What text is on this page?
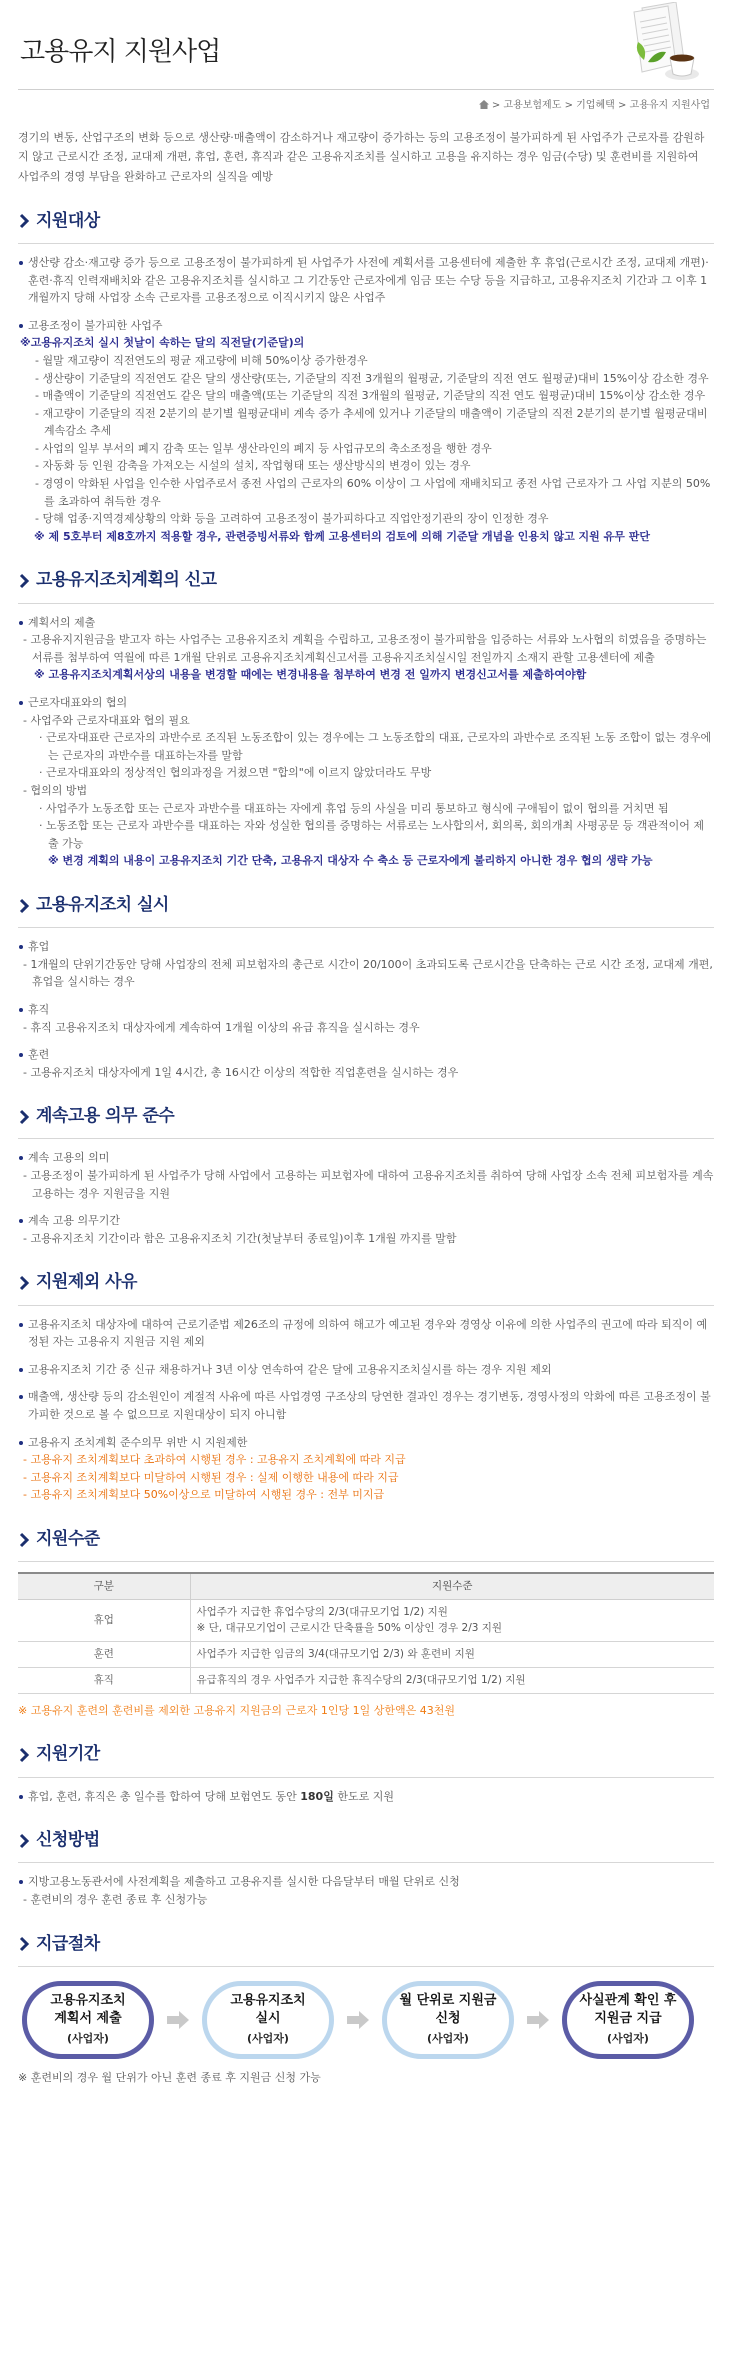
고용유지 지원사업
> 고용보험제도 > 기업혜택 > 고용유지 지원사업

경기의 변동, 산업구조의 변화 등으로 생산량·매출액이 감소하거나 재고량이 증가하는 등의 고용조정이 불가피하게 된 사업주가 근로자를 감원하지 않고 근로시간 조정, 교대제 개편, 휴업, 훈련, 휴직과 같은 고용유지조치를 실시하고 고용을 유지하는 경우 임금(수당) 및 훈련비를 지원하여 사업주의 경영 부담을 완화하고 근로자의 실직을 예방

지원대상

생산량 감소·재고량 증가 등으로 고용조정이 불가피하게 된 사업주가 사전에 계획서를 고용센터에 제출한 후 휴업(근로시간 조정, 교대제 개편)·훈련·휴직 인력재배치와 같은 고용유지조치를 실시하고 그 기간동안 근로자에게 임금 또는 수당 등을 지급하고, 고용유지조치 기간과 그 이후 1개월까지 당해 사업장 소속 근로자를 고용조정으로 이직시키지 않은 사업주

고용조정이 불가피한 사업주

※고용유지조치 실시 첫날이 속하는 달의 직전달(기준달)의

- 월말 재고량이 직전연도의 평균 재고량에 비해 50%이상 증가한경우

- 생산량이 기준달의 직전연도 같은 달의 생산량(또는, 기준달의 직전 3개월의 월평균, 기준달의 직전 연도 월평균)대비 15%이상 감소한 경우

- 매출액이 기준달의 직전연도 같은 달의 매출액(또는 기준달의 직전 3개월의 월평균, 기준달의 직전 연도 월평균)대비 15%이상 감소한 경우

- 재고량이 기준달의 직전 2분기의 분기별 월평균대비 계속 증가 추세에 있거나 기준달의 매출액이 기준달의 직전 2분기의 분기별 월평균대비 계속감소 추세

- 사업의 일부 부서의 폐지 감축 또는 일부 생산라인의 폐지 등 사업규모의 축소조정을 행한 경우

- 자동화 등 인원 감축을 가져오는 시설의 설치, 작업형태 또는 생산방식의 변경이 있는 경우

- 경영이 악화된 사업을 인수한 사업주로서 종전 사업의 근로자의 60% 이상이 그 사업에 재배치되고 종전 사업 근로자가 그 사업 지분의 50%를 초과하여 취득한 경우

- 당해 업종·지역경제상황의 악화 등을 고려하여 고용조정이 불가피하다고 직업안정기관의 장이 인정한 경우

※ 제 5호부터 제8호까지 적용할 경우, 관련증빙서류와 함께 고용센터의 검토에 의해 기준달 개념을 인용치 않고 지원 유무 판단

고용유지조치계획의 신고

계획서의 제출

- 고용유지지원금을 받고자 하는 사업주는 고용유지조치 계획을 수립하고, 고용조정이 불가피함을 입증하는 서류와 노사협의 히였음을 증명하는 서류를 첨부하여 역월에 따른 1개월 단위로 고용유지조치계획신고서를 고용유지조치실시일 전일까지 소재지 관할 고용센터에 제출

※ 고용유지조치계획서상의 내용을 변경할 때에는 변경내용을 첨부하여 변경 전 일까지 변경신고서를 제출하여야함

근로자대표와의 협의

- 사업주와 근로자대표와 협의 필요

· 근로자대표란 근로자의 과반수로 조직된 노동조합이 있는 경우에는 그 노동조합의 대표, 근로자의 과반수로 조직된 노동 조합이 없는 경우에는 근로자의 과반수를 대표하는자를 말함

· 근로자대표와의 정상적인 협의과정을 거쳤으면 "합의"에 이르지 않았더라도 무방

- 협의의 방법

· 사업주가 노동조합 또는 근로자 과반수를 대표하는 자에게 휴업 등의 사실을 미리 통보하고 형식에 구애됨이 없이 협의를 거치면 됨

· 노동조합 또는 근로자 과반수를 대표하는 자와 성실한 협의를 증명하는 서류로는 노사합의서, 회의록, 회의개최 사평공문 등 객관적이어 제출 가능

※ 변경 계획의 내용이 고용유지조치 기간 단축, 고용유지 대상자 수 축소 등 근로자에게 불리하지 아니한 경우 협의 생략 가능

고용유지조치 실시

휴업

- 1개월의 단위기간동안 당해 사업장의 전체 피보험자의 총근로 시간이 20/100이 초과되도록 근로시간을 단축하는 근로 시간 조정, 교대제 개편, 휴업을 실시하는 경우

휴직

- 휴직 고용유지조치 대상자에게 계속하여 1개월 이상의 유급 휴직을 실시하는 경우

훈련

- 고용유지조치 대상자에게 1일 4시간, 총 16시간 이상의 적합한 직업훈련을 실시하는 경우

계속고용 의무 준수

계속 고용의 의미

- 고용조정이 불가피하게 된 사업주가 당해 사업에서 고용하는 피보험자에 대하여 고용유지조치를 취하여 당해 사업장 소속 전체 피보험자를 계속 고용하는 경우 지원금을 지원

계속 고용 의무기간

- 고용유지조치 기간이라 함은 고용유지조치 기간(첫날부터 종료일)이후 1개월 까지를 말함

지원제외 사유

고용유지조치 대상자에 대하여 근로기준법 제26조의 규정에 의하여 해고가 예고된 경우와 경영상 이유에 의한 사업주의 권고에 따라 퇴직이 예정된 자는 고용유지 지원금 지원 제외

고용유지조치 기간 중 신규 채용하거나 3년 이상 연속하여 같은 달에 고용유지조치실시를 하는 경우 지원 제외

매출액, 생산량 등의 감소원인이 계절적 사유에 따른 사업경영 구조상의 당연한 결과인 경우는 경기변동, 경영사정의 악화에 따른 고용조정이 불가피한 것으로 볼 수 없으므로 지원대상이 되지 아니함

고용유지 조치계획 준수의무 위반 시 지원제한

- 고용유지 조치계획보다 초과하여 시행된 경우 : 고용유지 조치계획에 따라 지급

- 고용유지 조치계획보다 미달하여 시행된 경우 : 실제 이행한 내용에 따라 지급

- 고용유지 조치계획보다 50%이상으로 미달하여 시행된 경우 : 전부 미지급

지원수준
구분	지원수준
휴업	사업주가 지급한 휴업수당의 2/3(대규모기업 1/2) 지원
※ 단, 대규모기업이 근로시간 단축률을 50% 이상인 경우 2/3 지원

훈련	사업주가 지급한 임금의 3/4(대규모기업 2/3) 와 훈련비 지원
휴직	유급휴직의 경우 사업주가 지급한 휴직수당의 2/3(대규모기업 1/2) 지원

※ 고용유지 훈련의 훈련비를 제외한 고용유지 지원금의 근로자 1인당 1일 상한액은 43천원

지원기간

휴업, 훈련, 휴직은 총 일수를 합하여 당해 보험연도 동안 180일 한도로 지원

신청방법

지방고용노동관서에 사전계획을 제출하고 고용유지를 실시한 다음달부터 매월 단위로 신청

- 훈련비의 경우 훈련 종료 후 신청가능

지급절차
고용유지조치
계획서 제출
(사업자)
고용유지조치
실시
(사업자)
월 단위로 지원금
신청
(사업자)
사실관계 확인 후
지원금 지급
(사업자)

※ 훈련비의 경우 월 단위가 아닌 훈련 종료 후 지원금 신청 가능
